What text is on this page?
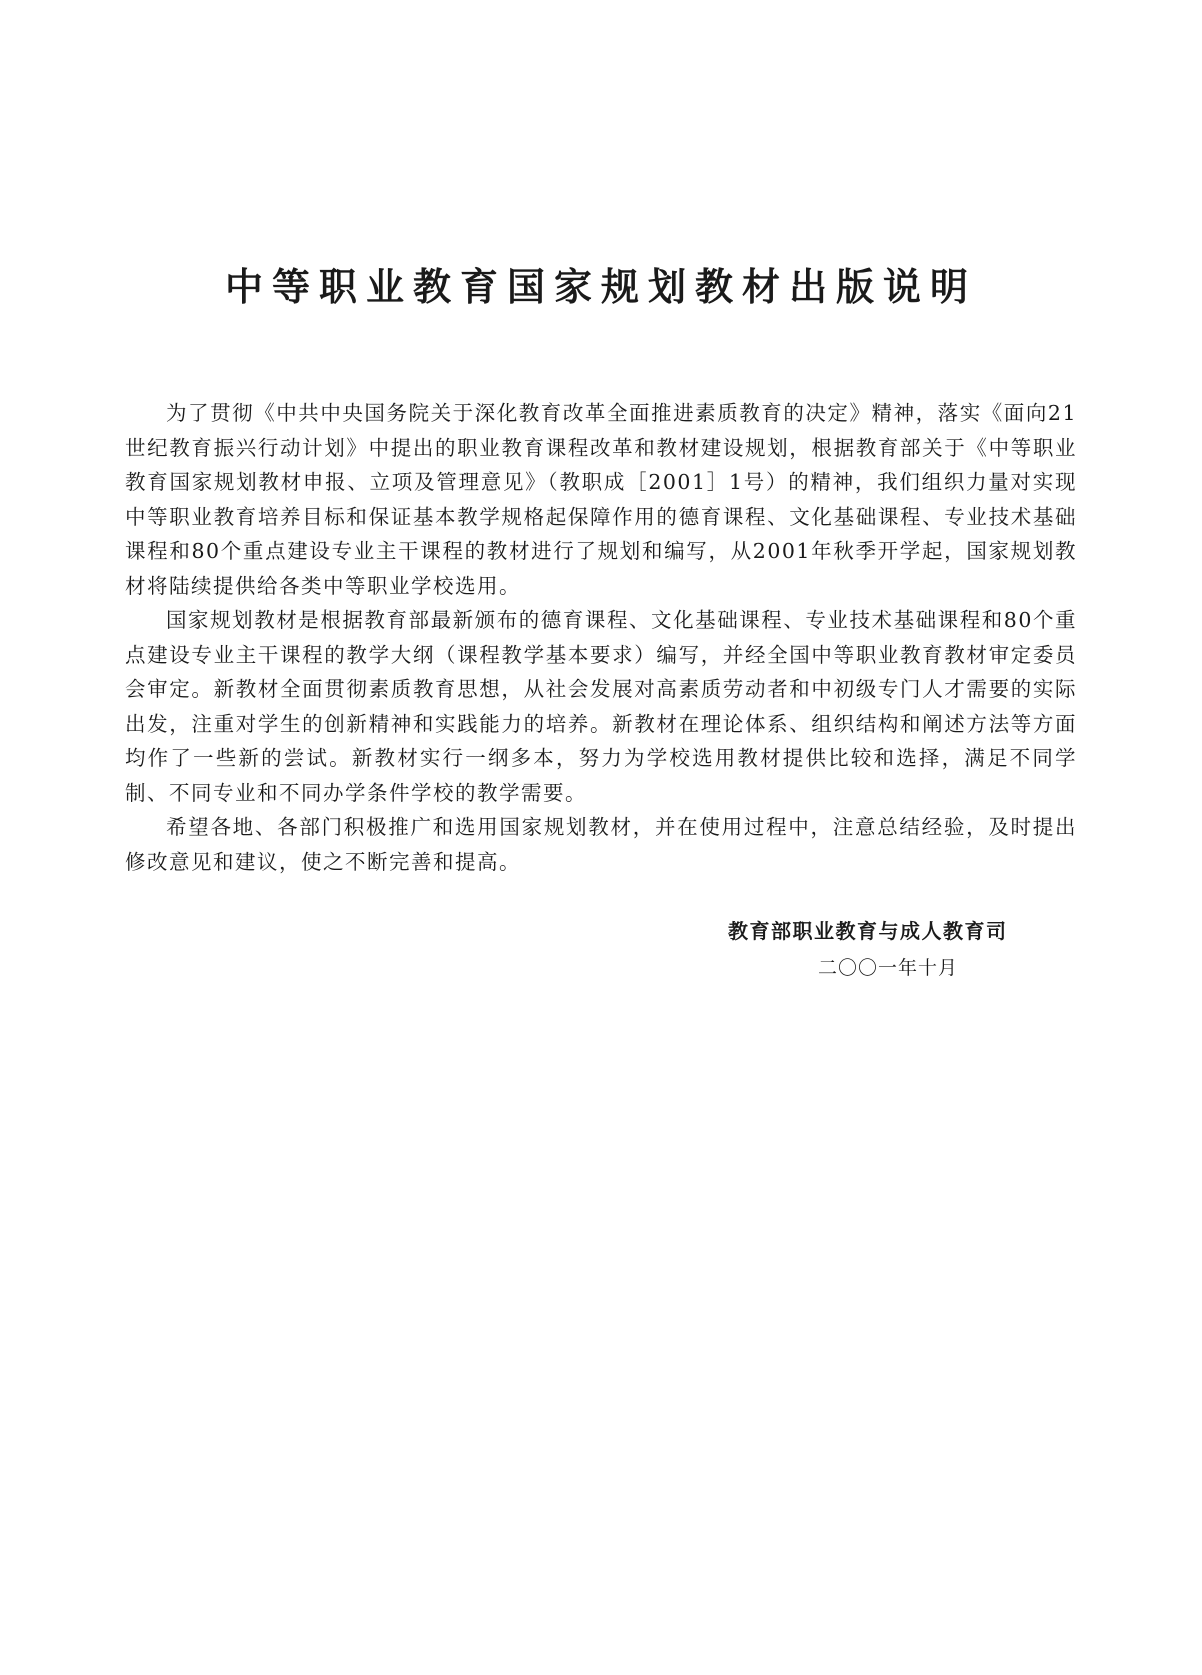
中等职业教育国家规划教材出版说明

为了贯彻《中共中央国务院关于深化教育改革全面推进素质教育的决定》精神，落实《面向21世纪教育振兴行动计划》中提出的职业教育课程改革和教材建设规划，根据教育部关于《中等职业教育国家规划教材申报、立项及管理意见》（教职成［2001］1号）的精神，我们组织力量对实现中等职业教育培养目标和保证基本教学规格起保障作用的德育课程、文化基础课程、专业技术基础课程和80个重点建设专业主干课程的教材进行了规划和编写，从2001年秋季开学起，国家规划教材将陆续提供给各类中等职业学校选用。

国家规划教材是根据教育部最新颁布的德育课程、文化基础课程、专业技术基础课程和80个重点建设专业主干课程的教学大纲（课程教学基本要求）编写，并经全国中等职业教育教材审定委员会审定。新教材全面贯彻素质教育思想，从社会发展对高素质劳动者和中初级专门人才需要的实际出发，注重对学生的创新精神和实践能力的培养。新教材在理论体系、组织结构和阐述方法等方面均作了一些新的尝试。新教材实行一纲多本，努力为学校选用教材提供比较和选择，满足不同学制、不同专业和不同办学条件学校的教学需要。

希望各地、各部门积极推广和选用国家规划教材，并在使用过程中，注意总结经验，及时提出修改意见和建议，使之不断完善和提高。

教育部职业教育与成人教育司
二〇〇一年十月
